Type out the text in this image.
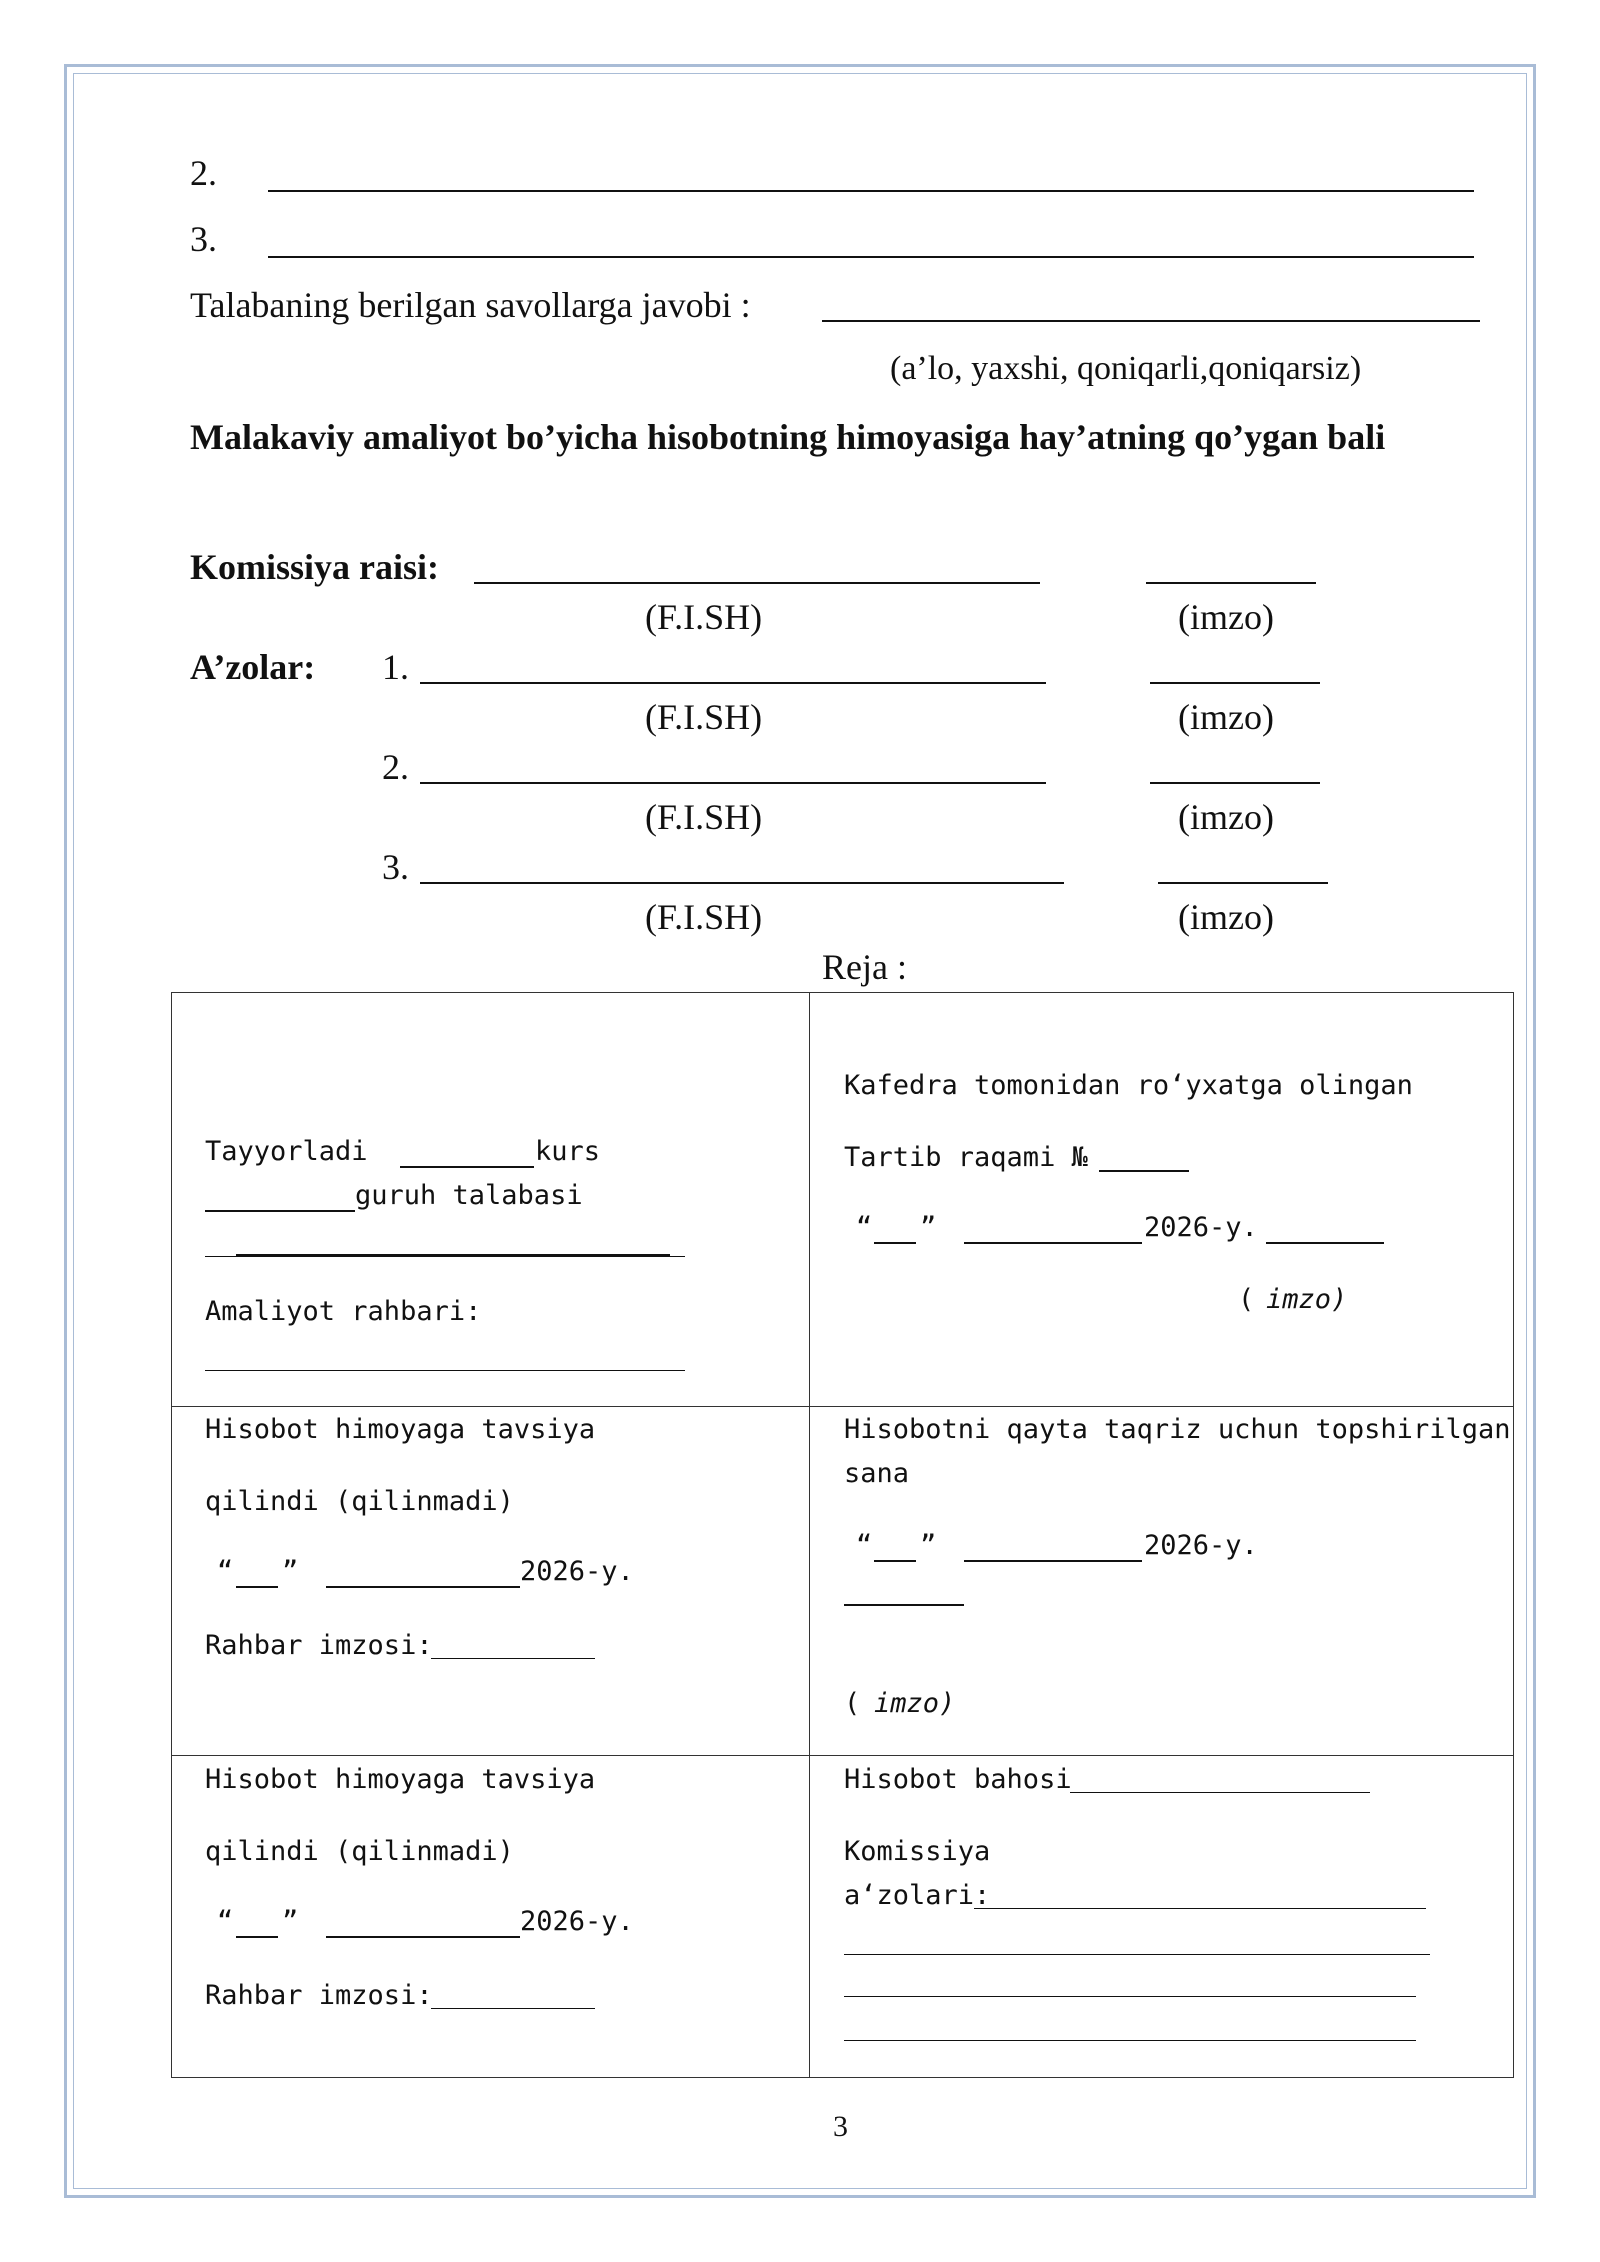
2.
3.
Talabaning berilgan savollarga javobi :
(a’lo, yaxshi, qoniqarli,qoniqarsiz)
Malakaviy amaliyot bo’yicha hisobotning himoyasiga hay’atning qo’ygan bali
Komissiya raisi:
(F.I.SH)	(imzo)
A’zolar: 1.
(F.I.SH)	(imzo)
2.
(F.I.SH)	(imzo)
3.
(F.I.SH)	(imzo)
Reja :
Tayyorladi	kurs
guruh talabasi
Amaliyot rahbari:
Kafedra tomonidan ro‘yxatga olingan
Tartib raqami №
“ ”	2026-y.
( imzo)
Hisobot himoyaga tavsiya
qilindi (qilinmadi)
“ ”	2026-y.
Rahbar imzosi:
Hisobotni qayta taqriz uchun topshirilgan
sana
“ ”	2026-y.
( imzo)
Hisobot himoyaga tavsiya
qilindi (qilinmadi)
“ ”	2026-y.
Rahbar imzosi:
Hisobot bahosi
Komissiya
a‘zolari:
3
